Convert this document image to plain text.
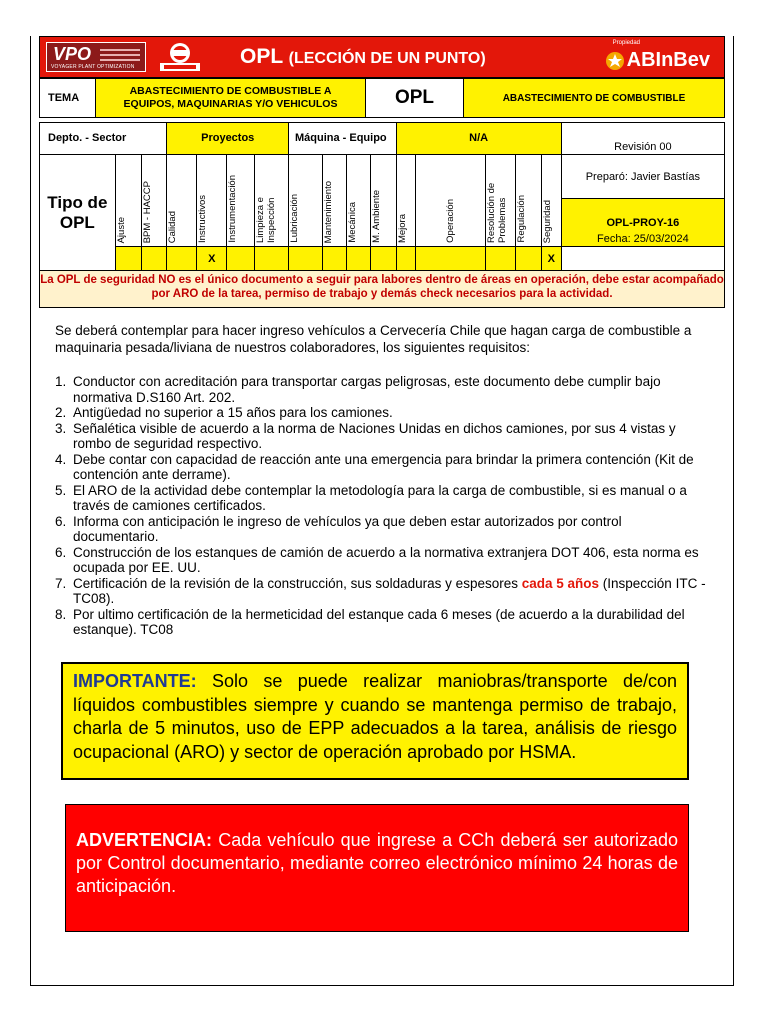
VPO
VOYAGER PLANT OPTIMIZATION	OPL (LECCIÓN DE UN PUNTO)
Propiedad
ABInBev
TEMA	ABASTECIMIENTO DE COMBUSTIBLE A EQUIPOS, MAQUINARIAS Y/O VEHICULOS	OPL	ABASTECIMIENTO DE COMBUSTIBLE
Depto. - Sector			Proyectos				Máquina - Equipo				N/A					Revisión 00
Tipo de OPL	Ajuste	BPM - HACCP	Calidad	Instructivos	Instrumentación	Limpieza e Inspección	Lubricación	Mantenimiento	Mecánica	M. Ambiente	Mejora	Operación	Resolución de Problemas	Regulación	Seguridad	Preparó: Javier Bastías
																OPL-PROY-16
				X											X	Fecha: 25/03/2024
La OPL de seguridad NO es el único documento a seguir para labores dentro de áreas en operación, debe estar acompañado por ARO de la tarea, permiso de trabajo y demás check necesarios para la actividad.

Se deberá contemplar para hacer ingreso vehículos a Cervecería Chile que hagan carga de combustible a maquinaria pesada/liviana de nuestros colaboradores, los siguientes requisitos:

1. Conductor con acreditación para transportar cargas peligrosas, este documento debe cumplir bajo normativa D.S160 Art. 202.
2. Antigüedad no superior a 15 años para los camiones.
3. Señalética visible de acuerdo a la norma de Naciones Unidas en dichos camiones, por sus 4 vistas y rombo de seguridad respectivo.
4. Debe contar con capacidad de reacción ante una emergencia para brindar la primera contención (Kit de contención ante derrame).
5. El ARO de la actividad debe contemplar la metodología para la carga de combustible, si es manual o a través de camiones certificados.
6. Informa con anticipación le ingreso de vehículos ya que deben estar autorizados por control documentario.
6. Construcción de los estanques de camión de acuerdo a la normativa extranjera DOT 406, esta norma es ocupada por EE. UU.
7. Certificación de la revisión de la construcción, sus soldaduras y espesores cada 5 años (Inspección ITC - TC08).
8. Por ultimo certificación de la hermeticidad del estanque cada 6 meses (de acuerdo a la durabilidad del estanque). TC08
IMPORTANTE: Solo se puede realizar maniobras/transporte de/con líquidos combustibles siempre y cuando se mantenga permiso de trabajo, charla de 5 minutos, uso de EPP adecuados a la tarea, análisis de riesgo ocupacional (ARO) y sector de operación aprobado por HSMA.
ADVERTENCIA: Cada vehículo que ingrese a CCh deberá ser autorizado por Control documentario, mediante correo electrónico mínimo 24 horas de anticipación.
